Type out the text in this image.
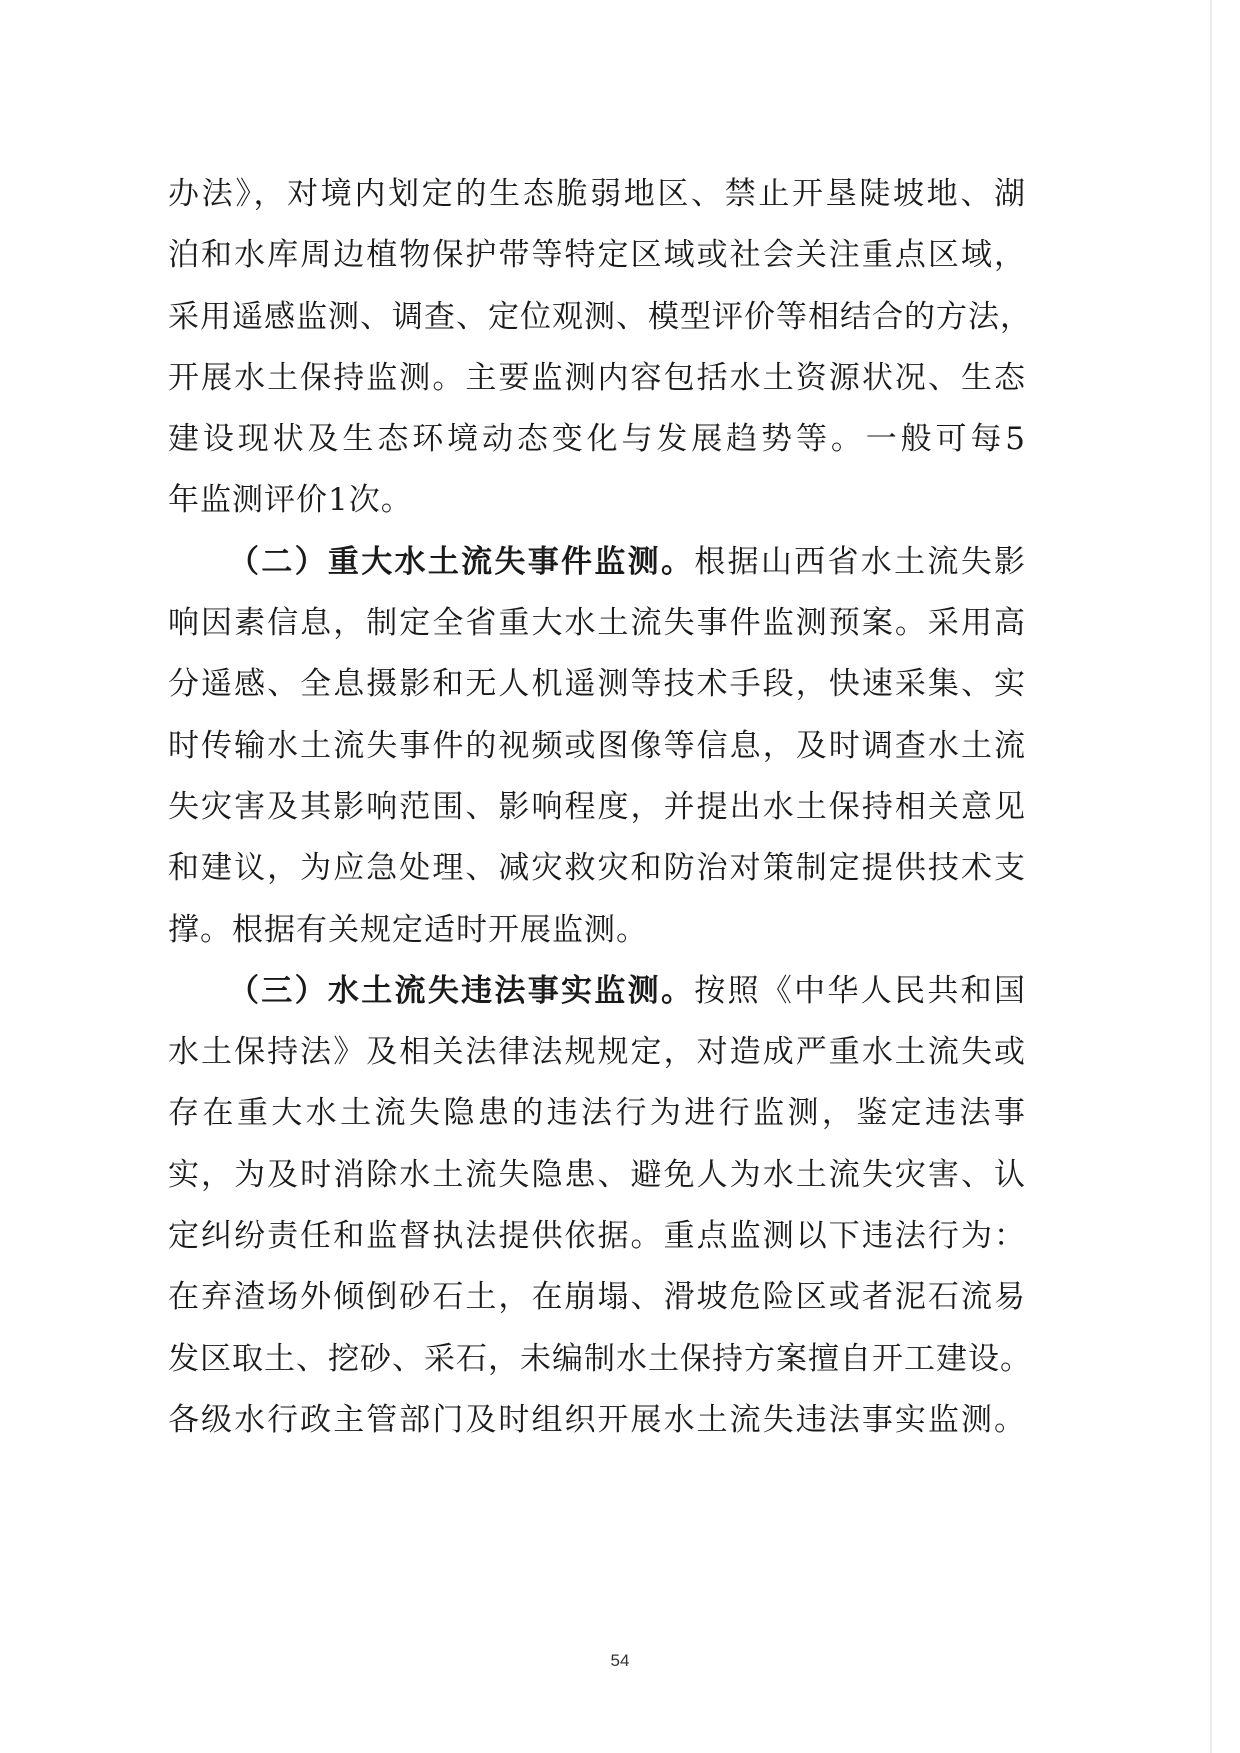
办法》，对境内划定的生态脆弱地区、禁止开垦陡坡地、湖
泊和水库周边植物保护带等特定区域或社会关注重点区域，
采用遥感监测、调查、定位观测、模型评价等相结合的方法，
开展水土保持监测。主要监测内容包括水土资源状况、生态
建设现状及生态环境动态变化与发展趋势等。一般可每5
年监测评价1次。
（二）重大水土流失事件监测。根据山西省水土流失影
响因素信息，制定全省重大水土流失事件监测预案。采用高
分遥感、全息摄影和无人机遥测等技术手段，快速采集、实
时传输水土流失事件的视频或图像等信息，及时调查水土流
失灾害及其影响范围、影响程度，并提出水土保持相关意见
和建议，为应急处理、减灾救灾和防治对策制定提供技术支
撑。根据有关规定适时开展监测。
（三）水土流失违法事实监测。按照《中华人民共和国
水土保持法》及相关法律法规规定，对造成严重水土流失或
存在重大水土流失隐患的违法行为进行监测，鉴定违法事
实，为及时消除水土流失隐患、避免人为水土流失灾害、认
定纠纷责任和监督执法提供依据。重点监测以下违法行为：
在弃渣场外倾倒砂石土，在崩塌、滑坡危险区或者泥石流易
发区取土、挖砂、采石，未编制水土保持方案擅自开工建设。
各级水行政主管部门及时组织开展水土流失违法事实监测。
54
